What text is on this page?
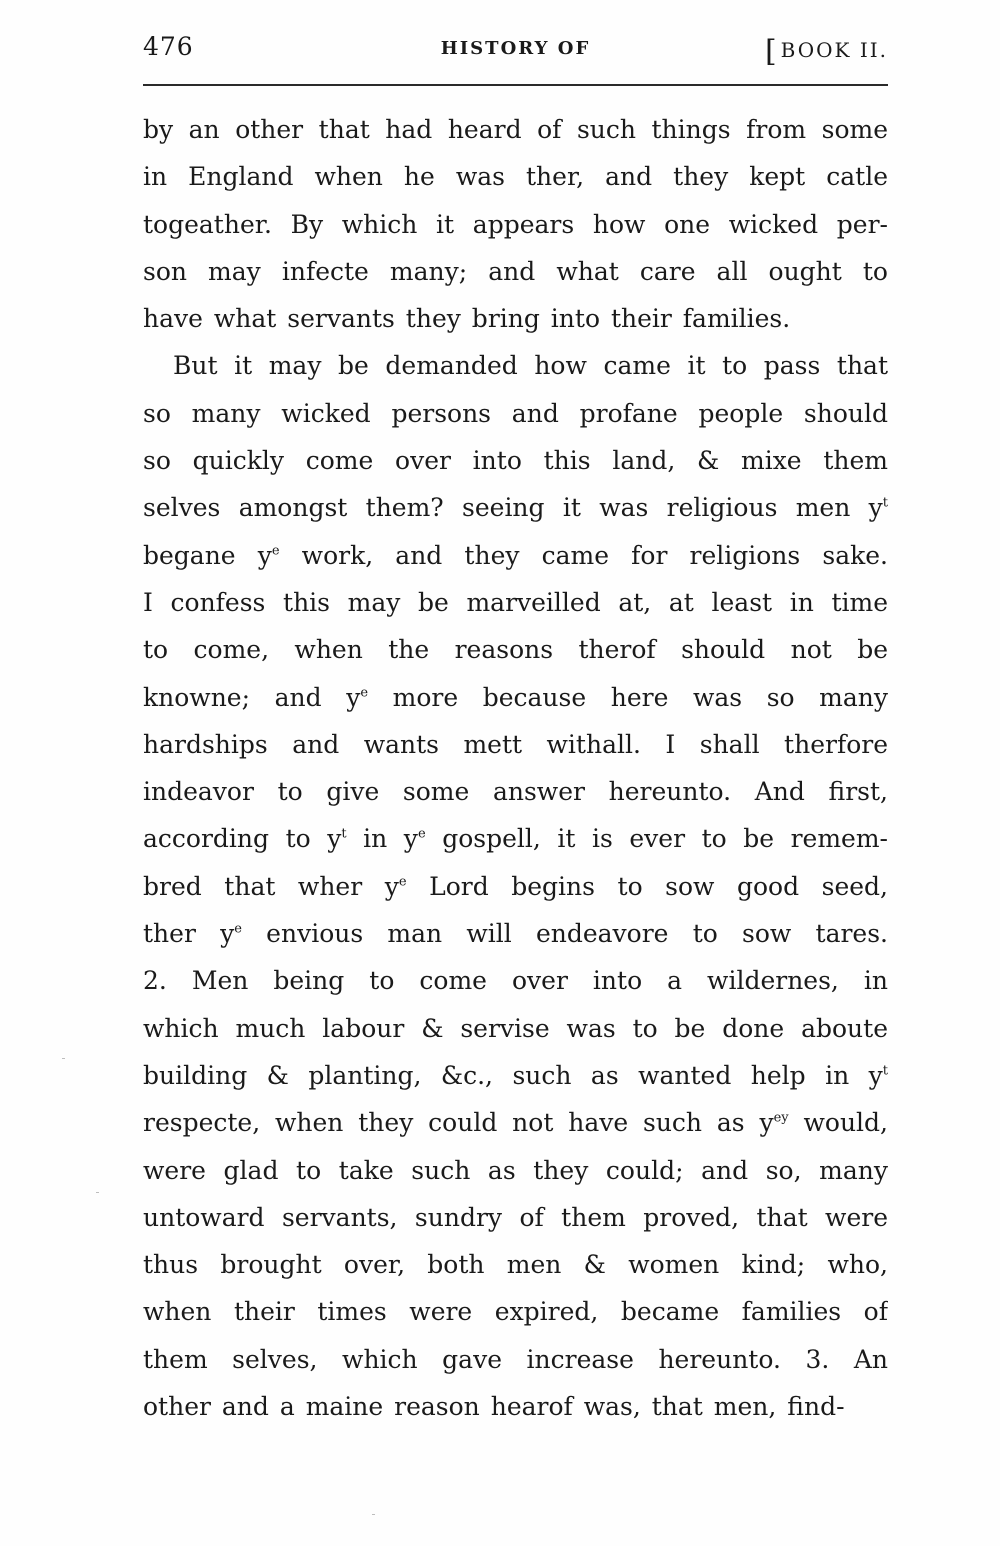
476	HISTORY OF	[ BOOK II.
by an other that had heard of such things from some
in England when he was ther, and they kept catle
togeather. By which it appears how one wicked per-
son may infecte many; and what care all ought to
have what servants they bring into their families.
But it may be demanded how came it to pass that
so many wicked persons and profane people should
so quickly come over into this land, & mixe them
selves amongst them? seeing it was religious men $y^t$
begane $y^e$ work, and they came for religions sake.
I confess this may be marveilled at, at least in time
to come, when the reasons therof should not be
knowne; and $y^e$ more because here was so many
hardships and wants mett withall. I shall therfore
indeavor to give some answer hereunto. And first,
according to $y^t$ in $y^e$ gospell, it is ever to be remem-
bred that wher $y^e$ Lord begins to sow good seed,
ther $y^e$ envious man will endeavore to sow tares.
2. Men being to come over into a wildernes, in
which much labour & servise was to be done aboute
building & planting, &c., such as wanted help in $y^t$
respecte, when they could not have such as $y^{ey}$ would,
were glad to take such as they could; and so, many
untoward servants, sundry of them proved, that were
thus brought over, both men & women kind; who,
when their times were expired, became families of
them selves, which gave increase hereunto. 3. An
other and a maine reason hearof was, that men, find-
